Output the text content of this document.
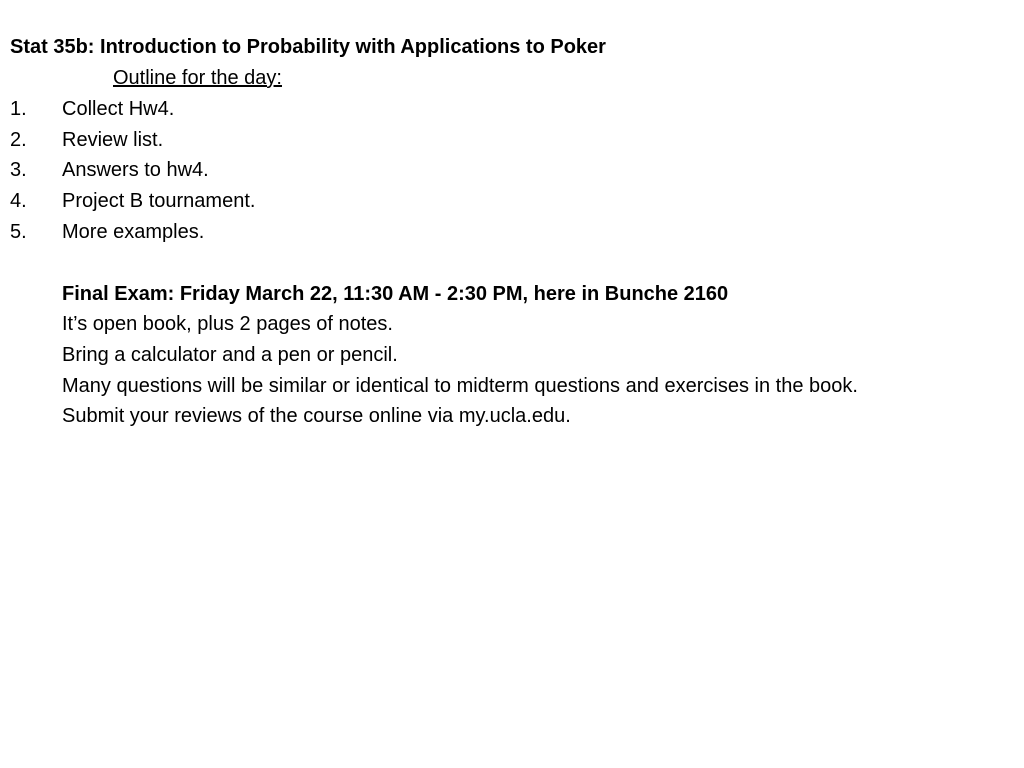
Stat 35b: Introduction to Probability with Applications to Poker
Outline for the day:
1. Collect Hw4.
2. Review list.
3. Answers to hw4.
4. Project B tournament.
5. More examples.
Final Exam: Friday March 22, 11:30 AM - 2:30 PM, here in Bunche 2160
It’s open book, plus 2 pages of notes.
Bring a calculator and a pen or pencil.
Many questions will be similar or identical to midterm questions and exercises in the book.
Submit your reviews of the course online via my.ucla.edu.
